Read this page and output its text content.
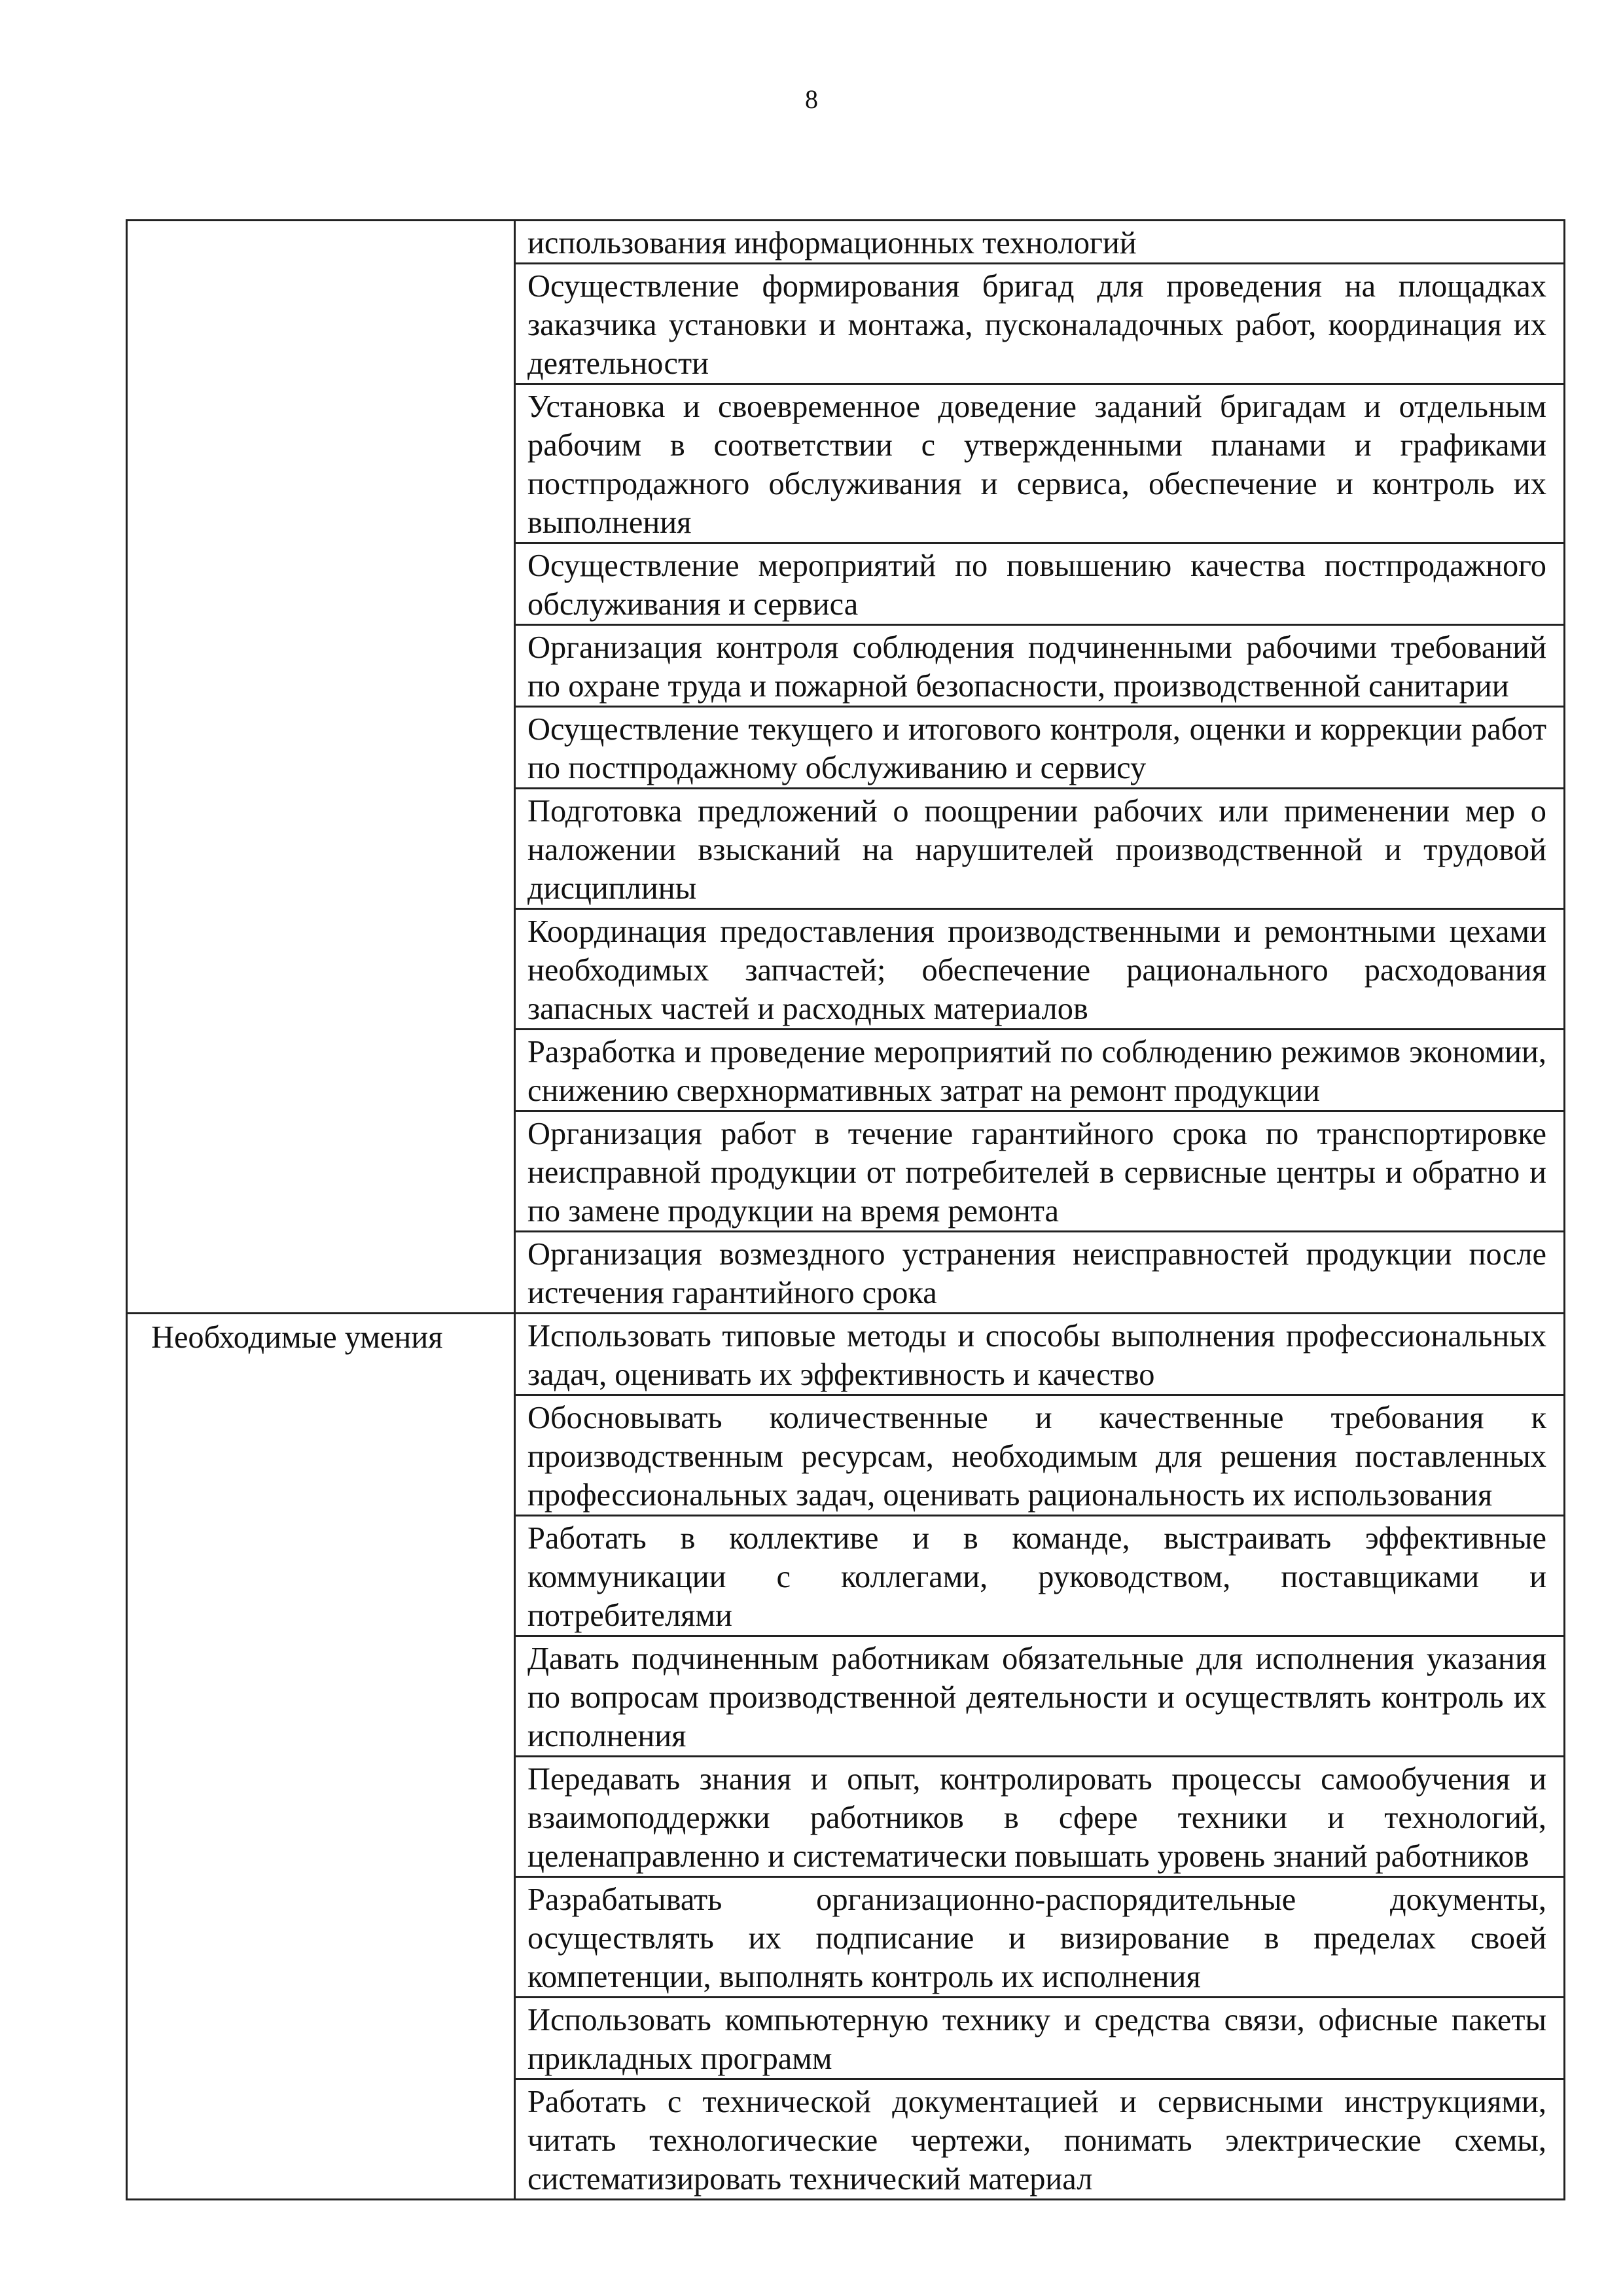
8
	использования информационных технологий
	Осуществление формирования бригад для проведения на площадках заказчика установки и монтажа, пусконаладочных работ, координация их деятельности
	Установка и своевременное доведение заданий бригадам и отдельным рабочим в соответствии с утвержденными планами и графиками постпродажного обслуживания и сервиса, обеспечение и контроль их выполнения
	Осуществление мероприятий по повышению качества постпродажного обслуживания и сервиса
	Организация контроля соблюдения подчиненными рабочими требований по охране труда и пожарной безопасности, производственной санитарии
	Осуществление текущего и итогового контроля, оценки и коррекции работ по постпродажному обслуживанию и сервису
	Подготовка предложений о поощрении рабочих или применении мер о наложении взысканий на нарушителей производственной и трудовой дисциплины
	Координация предоставления производственными и ремонтными цехами необходимых запчастей; обеспечение рационального расходования запасных частей и расходных материалов
	Разработка и проведение мероприятий по соблюдению режимов экономии, снижению сверхнормативных затрат на ремонт продукции
	Организация работ в течение гарантийного срока по транспортировке неисправной продукции от потребителей в сервисные центры и обратно и по замене продукции на время ремонта
	Организация возмездного устранения неисправностей продукции после истечения гарантийного срока
Необходимые умения	Использовать типовые методы и способы выполнения профессиональных задач, оценивать их эффективность и качество
	Обосновывать количественные и качественные требования к производственным ресурсам, необходимым для решения поставленных профессиональных задач, оценивать рациональность их использования
	Работать в коллективе и в команде, выстраивать эффективные коммуникации с коллегами, руководством, поставщиками и потребителями
	Давать подчиненным работникам обязательные для исполнения указания по вопросам производственной деятельности и осуществлять контроль их исполнения
	Передавать знания и опыт, контролировать процессы самообучения и взаимоподдержки работников в сфере техники и технологий, целенаправленно и систематически повышать уровень знаний работников
	Разрабатывать организационно-распорядительные документы, осуществлять их подписание и визирование в пределах своей компетенции, выполнять контроль их исполнения
	Использовать компьютерную технику и средства связи, офисные пакеты прикладных программ
	Работать с технической документацией и сервисными инструкциями, читать технологические чертежи, понимать электрические схемы, систематизировать технический материал
